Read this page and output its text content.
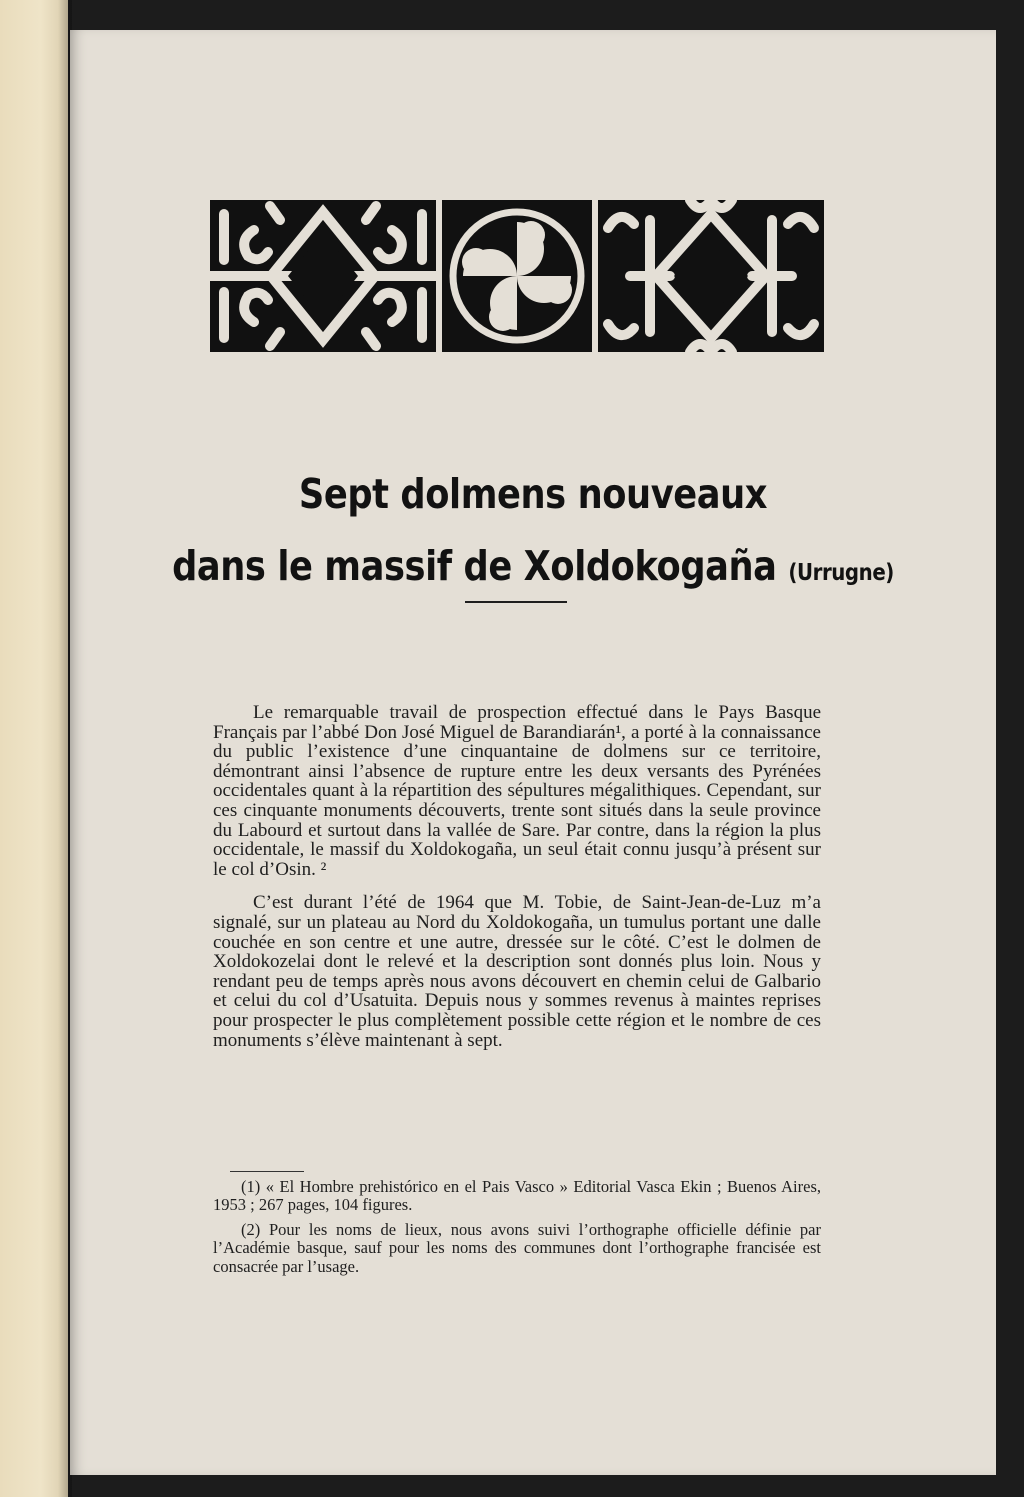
Sept dolmens nouveaux
dans le massif de Xoldokogaña (Urrugne)

Le remarquable travail de prospection effectué dans le Pays Basque Français par l’abbé Don José Miguel de Barandiarán¹, a porté à la connaissance du public l’existence d’une cinquantaine de dolmens sur ce territoire, démontrant ainsi l’absence de rupture entre les deux versants des Pyrénées occidentales quant à la répartition des sépultures mégalithiques. Cependant, sur ces cinquante monuments découverts, trente sont situés dans la seule province du Labourd et surtout dans la vallée de Sare. Par contre, dans la région la plus occidentale, le massif du Xoldokogaña, un seul était connu jusqu’à présent sur le col d’Osin. ²

C’est durant l’été de 1964 que M. Tobie, de Saint-Jean-de-Luz m’a signalé, sur un plateau au Nord du Xoldokogaña, un tumulus portant une dalle couchée en son centre et une autre, dressée sur le côté. C’est le dolmen de Xoldokozelai dont le relevé et la description sont donnés plus loin. Nous y rendant peu de temps après nous avons découvert en chemin celui de Galbario et celui du col d’Usatuita. Depuis nous y sommes revenus à maintes reprises pour prospecter le plus complètement possible cette région et le nombre de ces monuments s’élève maintenant à sept.

(1) « El Hombre prehistórico en el Pais Vasco » Editorial Vasca Ekin ; Buenos Aires, 1953 ; 267 pages, 104 figures.

(2) Pour les noms de lieux, nous avons suivi l’orthographe officielle définie par l’Académie basque, sauf pour les noms des communes dont l’orthographe francisée est consacrée par l’usage.
